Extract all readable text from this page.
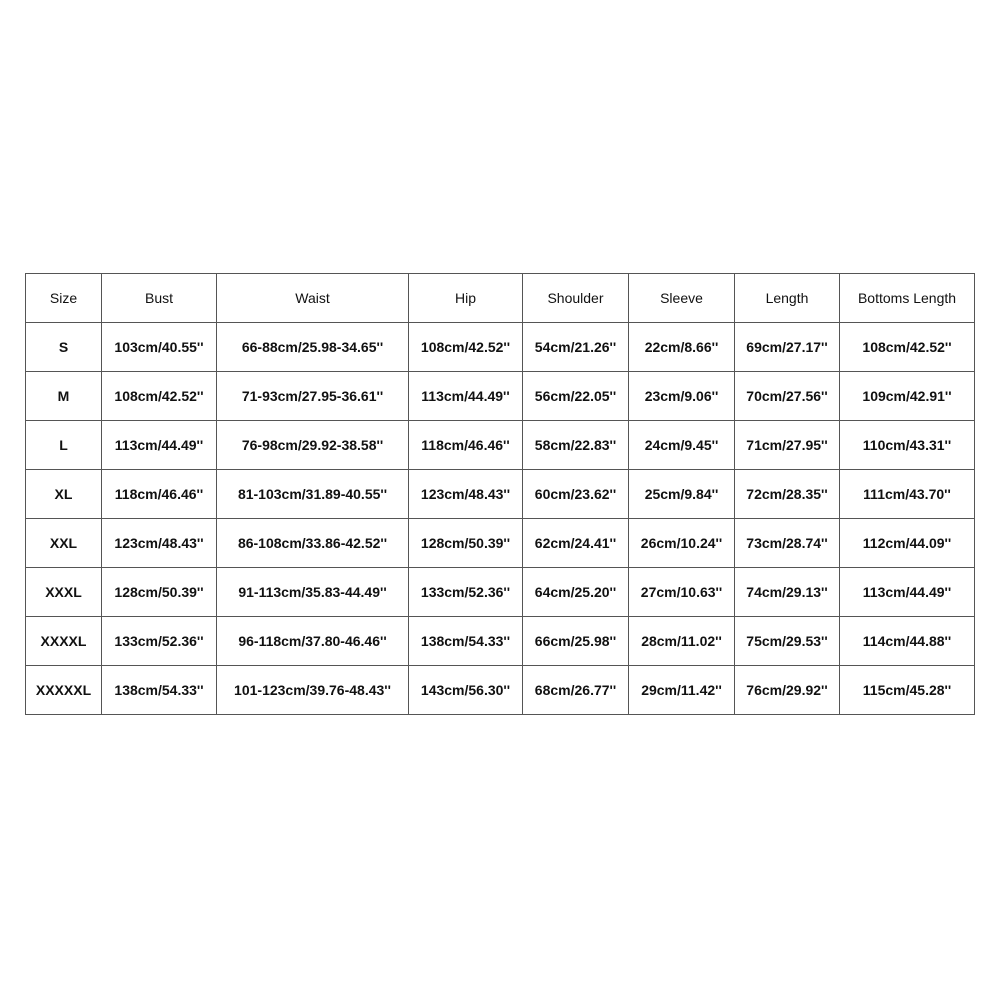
Size	Bust	Waist	Hip	Shoulder	Sleeve	Length	Bottoms Length
S	103cm/40.55''	66-88cm/25.98-34.65''	108cm/42.52''	54cm/21.26''	22cm/8.66''	69cm/27.17''	108cm/42.52''
M	108cm/42.52''	71-93cm/27.95-36.61''	113cm/44.49''	56cm/22.05''	23cm/9.06''	70cm/27.56''	109cm/42.91''
L	113cm/44.49''	76-98cm/29.92-38.58''	118cm/46.46''	58cm/22.83''	24cm/9.45''	71cm/27.95''	110cm/43.31''
XL	118cm/46.46''	81-103cm/31.89-40.55''	123cm/48.43''	60cm/23.62''	25cm/9.84''	72cm/28.35''	111cm/43.70''
XXL	123cm/48.43''	86-108cm/33.86-42.52''	128cm/50.39''	62cm/24.41''	26cm/10.24''	73cm/28.74''	112cm/44.09''
XXXL	128cm/50.39''	91-113cm/35.83-44.49''	133cm/52.36''	64cm/25.20''	27cm/10.63''	74cm/29.13''	113cm/44.49''
XXXXL	133cm/52.36''	96-118cm/37.80-46.46''	138cm/54.33''	66cm/25.98''	28cm/11.02''	75cm/29.53''	114cm/44.88''
XXXXXL	138cm/54.33''	101-123cm/39.76-48.43''	143cm/56.30''	68cm/26.77''	29cm/11.42''	76cm/29.92''	115cm/45.28''
